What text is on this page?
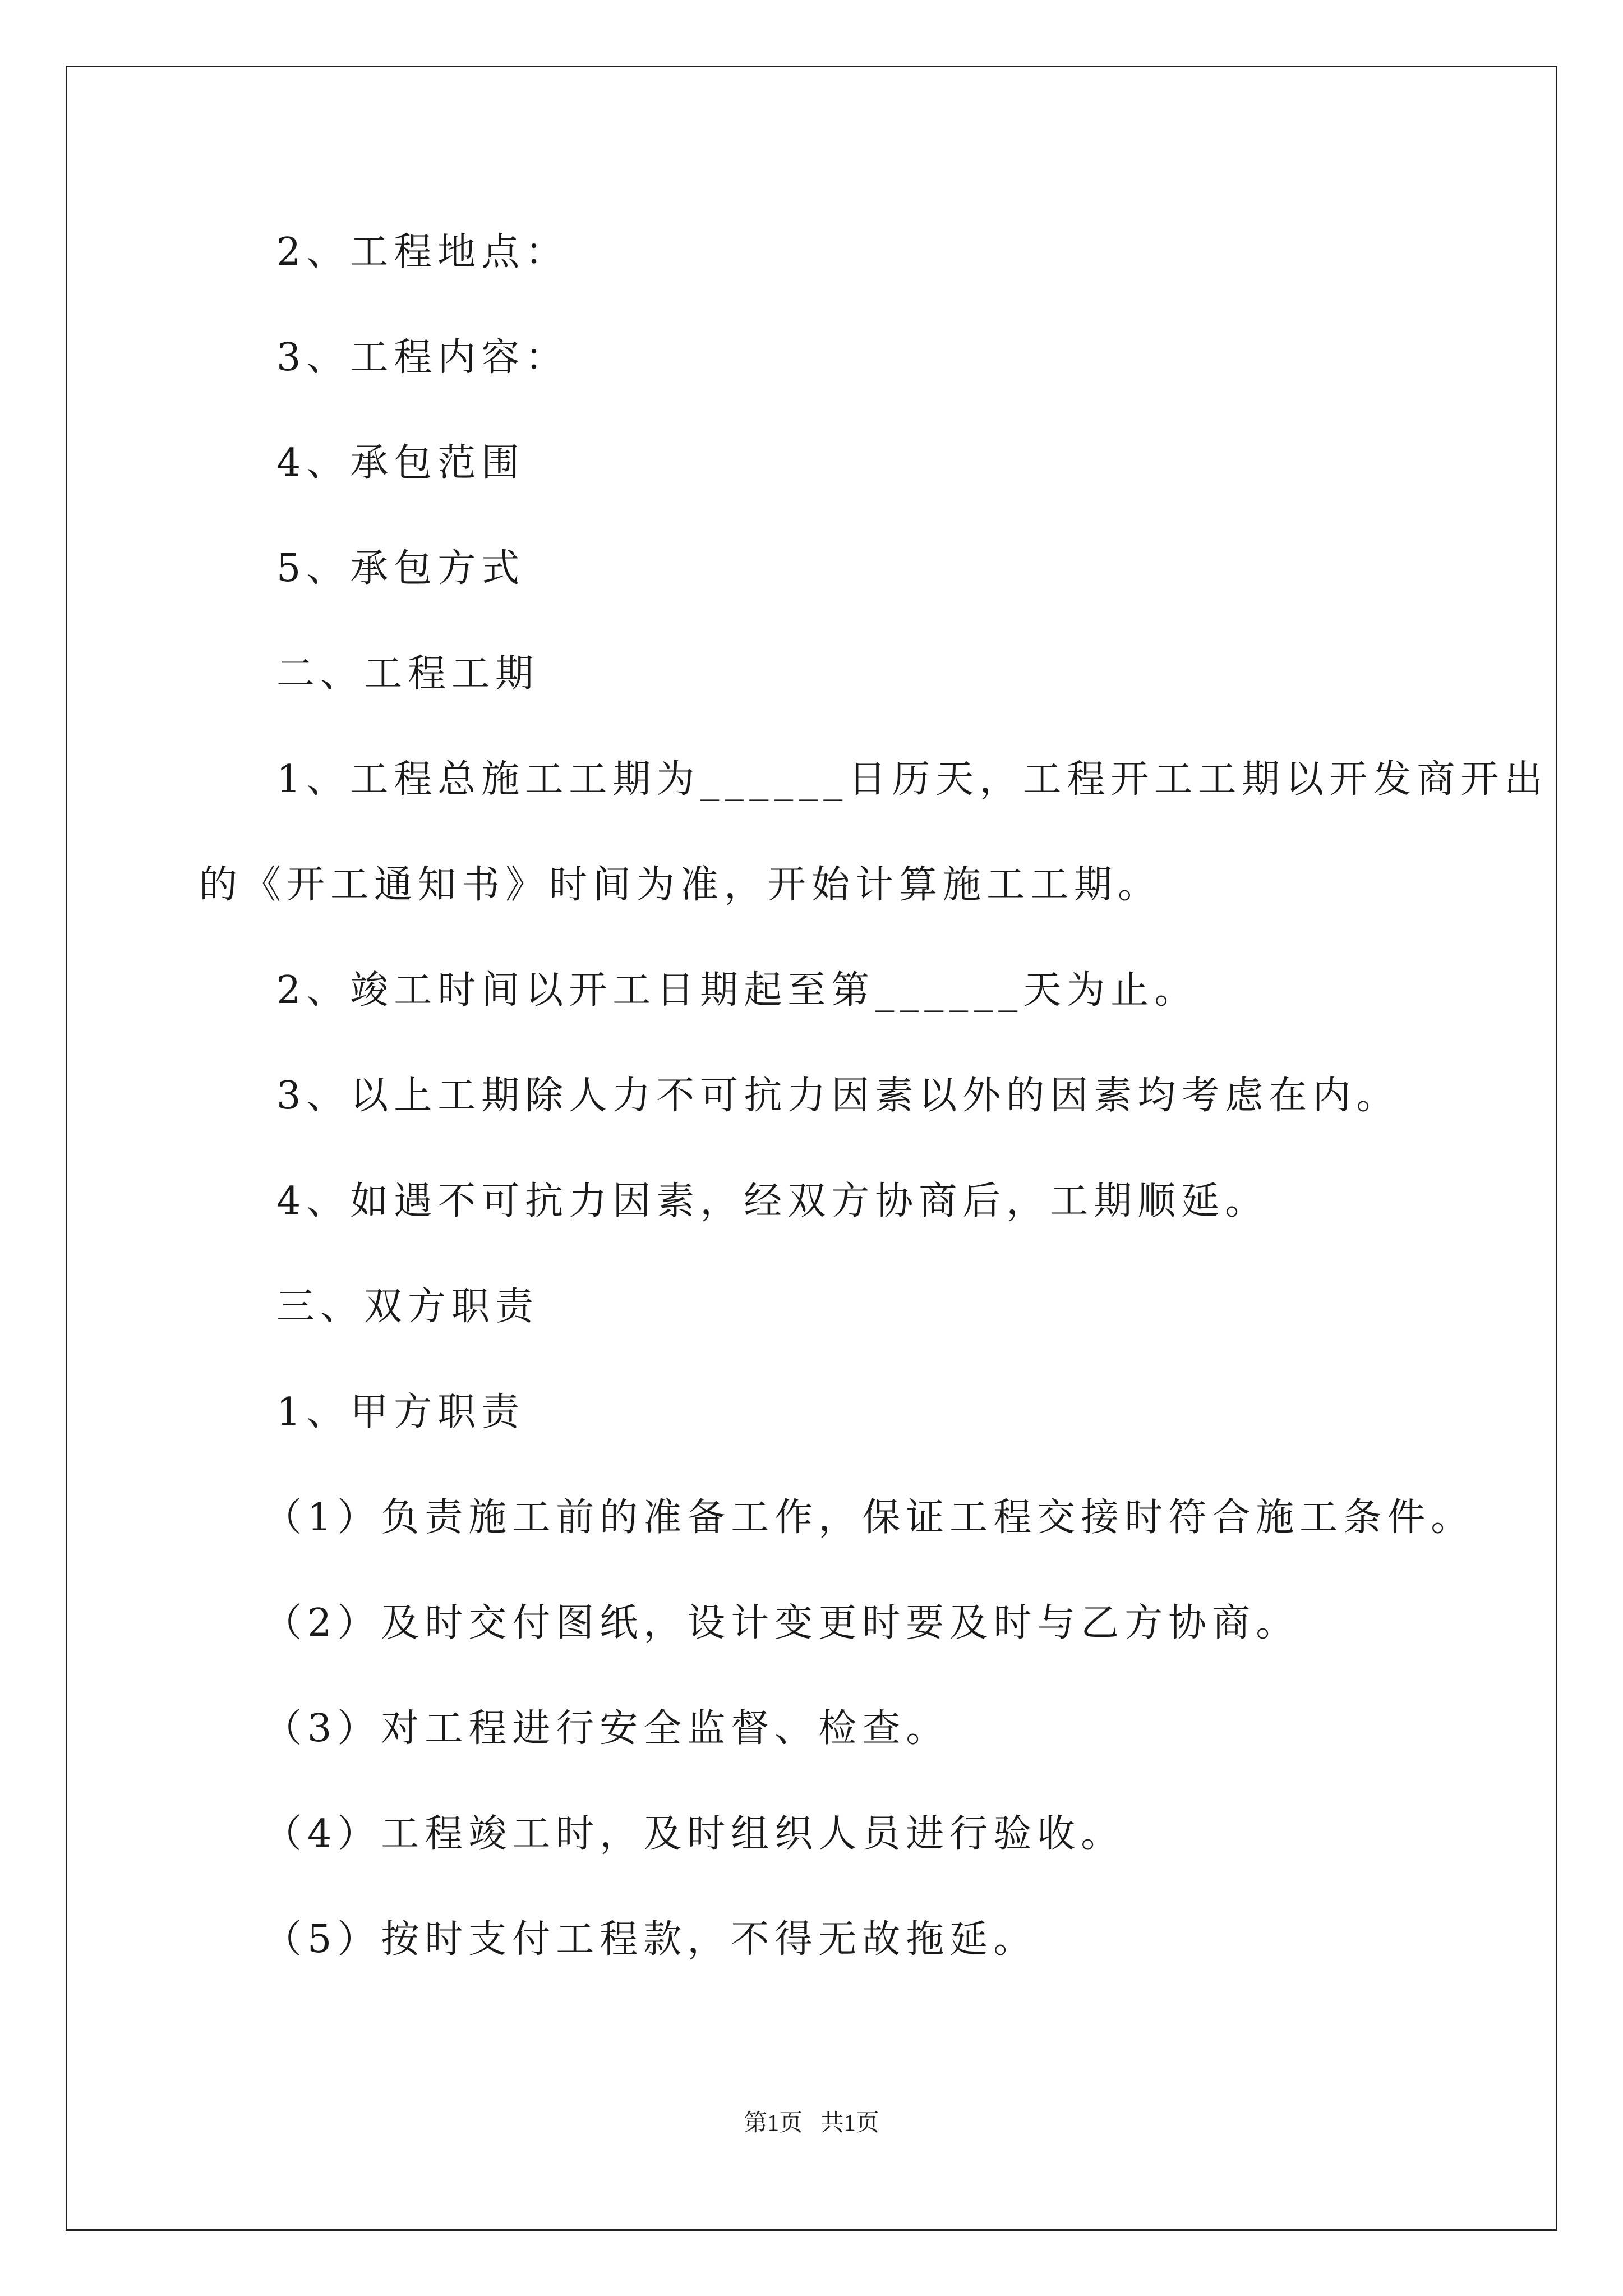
2、工程地点：
3、工程内容：
4、承包范围
5、承包方式
二、工程工期
1、工程总施工工期为______日历天，工程开工工期以开发商开出
的《开工通知书》时间为准，开始计算施工工期。
2、竣工时间以开工日期起至第______天为止。
3、以上工期除人力不可抗力因素以外的因素均考虑在内。
4、如遇不可抗力因素，经双方协商后，工期顺延。
三、双方职责
1、甲方职责
（1）负责施工前的准备工作，保证工程交接时符合施工条件。
（2）及时交付图纸，设计变更时要及时与乙方协商。
（3）对工程进行安全监督、检查。
（4）工程竣工时，及时组织人员进行验收。
（5）按时支付工程款，不得无故拖延。
第1页   共1页
